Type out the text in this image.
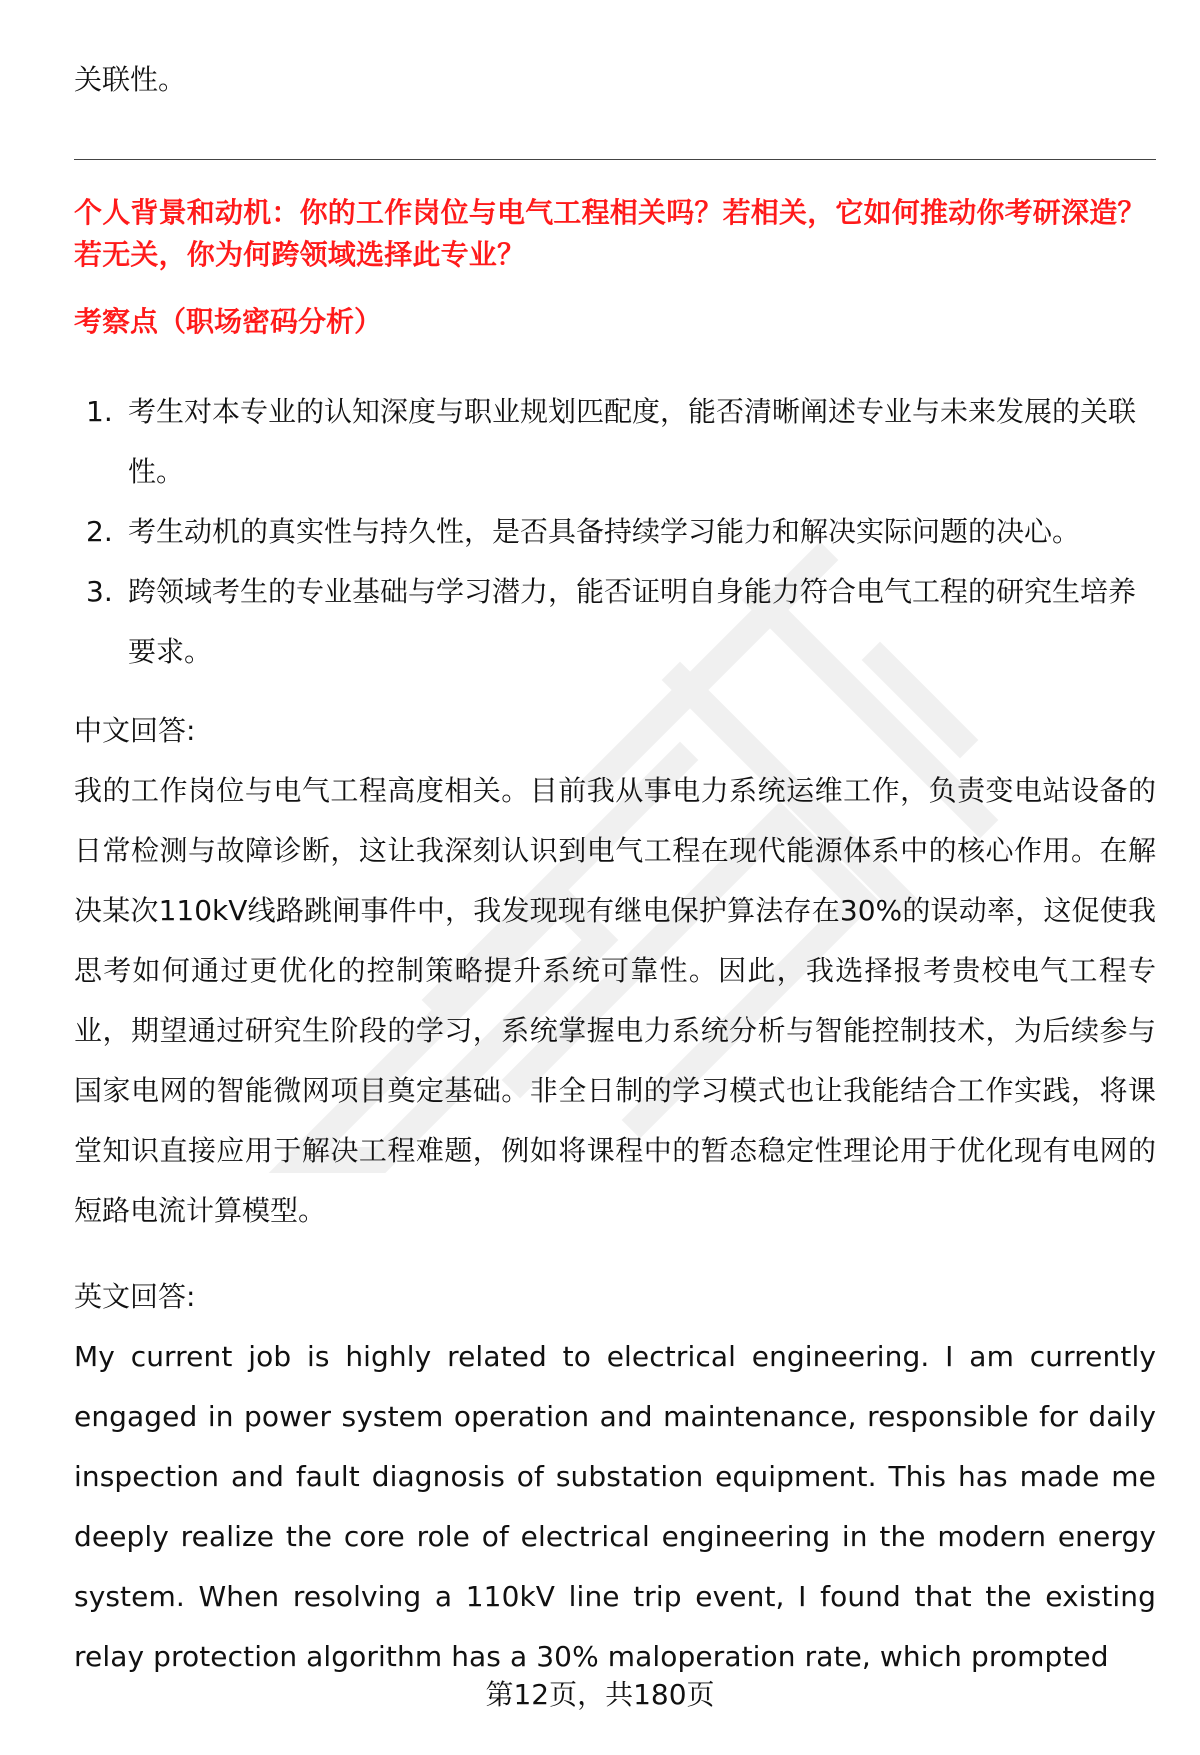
关联性。
个人背景和动机：你的工作岗位与电气工程相关吗？若相关，它如何推动你考研深造？若无关，你为何跨领域选择此专业？
考察点（职场密码分析）
1. 考生对本专业的认知深度与职业规划匹配度，能否清晰阐述专业与未来发展的关联性。
2. 考生动机的真实性与持久性，是否具备持续学习能力和解决实际问题的决心。
3. 跨领域考生的专业基础与学习潜力，能否证明自身能力符合电气工程的研究生培养要求。
中文回答:
我的工作岗位与电气工程高度相关。目前我从事电力系统运维工作，负责变电站设备的日常检测与故障诊断，这让我深刻认识到电气工程在现代能源体系中的核心作用。在解决某次110kV线路跳闸事件中，我发现现有继电保护算法存在30%的误动率，这促使我思考如何通过更优化的控制策略提升系统可靠性。因此，我选择报考贵校电气工程专业，期望通过研究生阶段的学习，系统掌握电力系统分析与智能控制技术，为后续参与国家电网的智能微网项目奠定基础。非全日制的学习模式也让我能结合工作实践，将课堂知识直接应用于解决工程难题，例如将课程中的暂态稳定性理论用于优化现有电网的短路电流计算模型。
英文回答:
My current job is highly related to electrical engineering. I am currently engaged in power system operation and maintenance, responsible for daily inspection and fault diagnosis of substation equipment. This has made me deeply realize the core role of electrical engineering in the modern energy system. When resolving a 110kV line trip event, I found that the existing relay protection algorithm has a 30% maloperation rate, which prompted
第12页，共180页
